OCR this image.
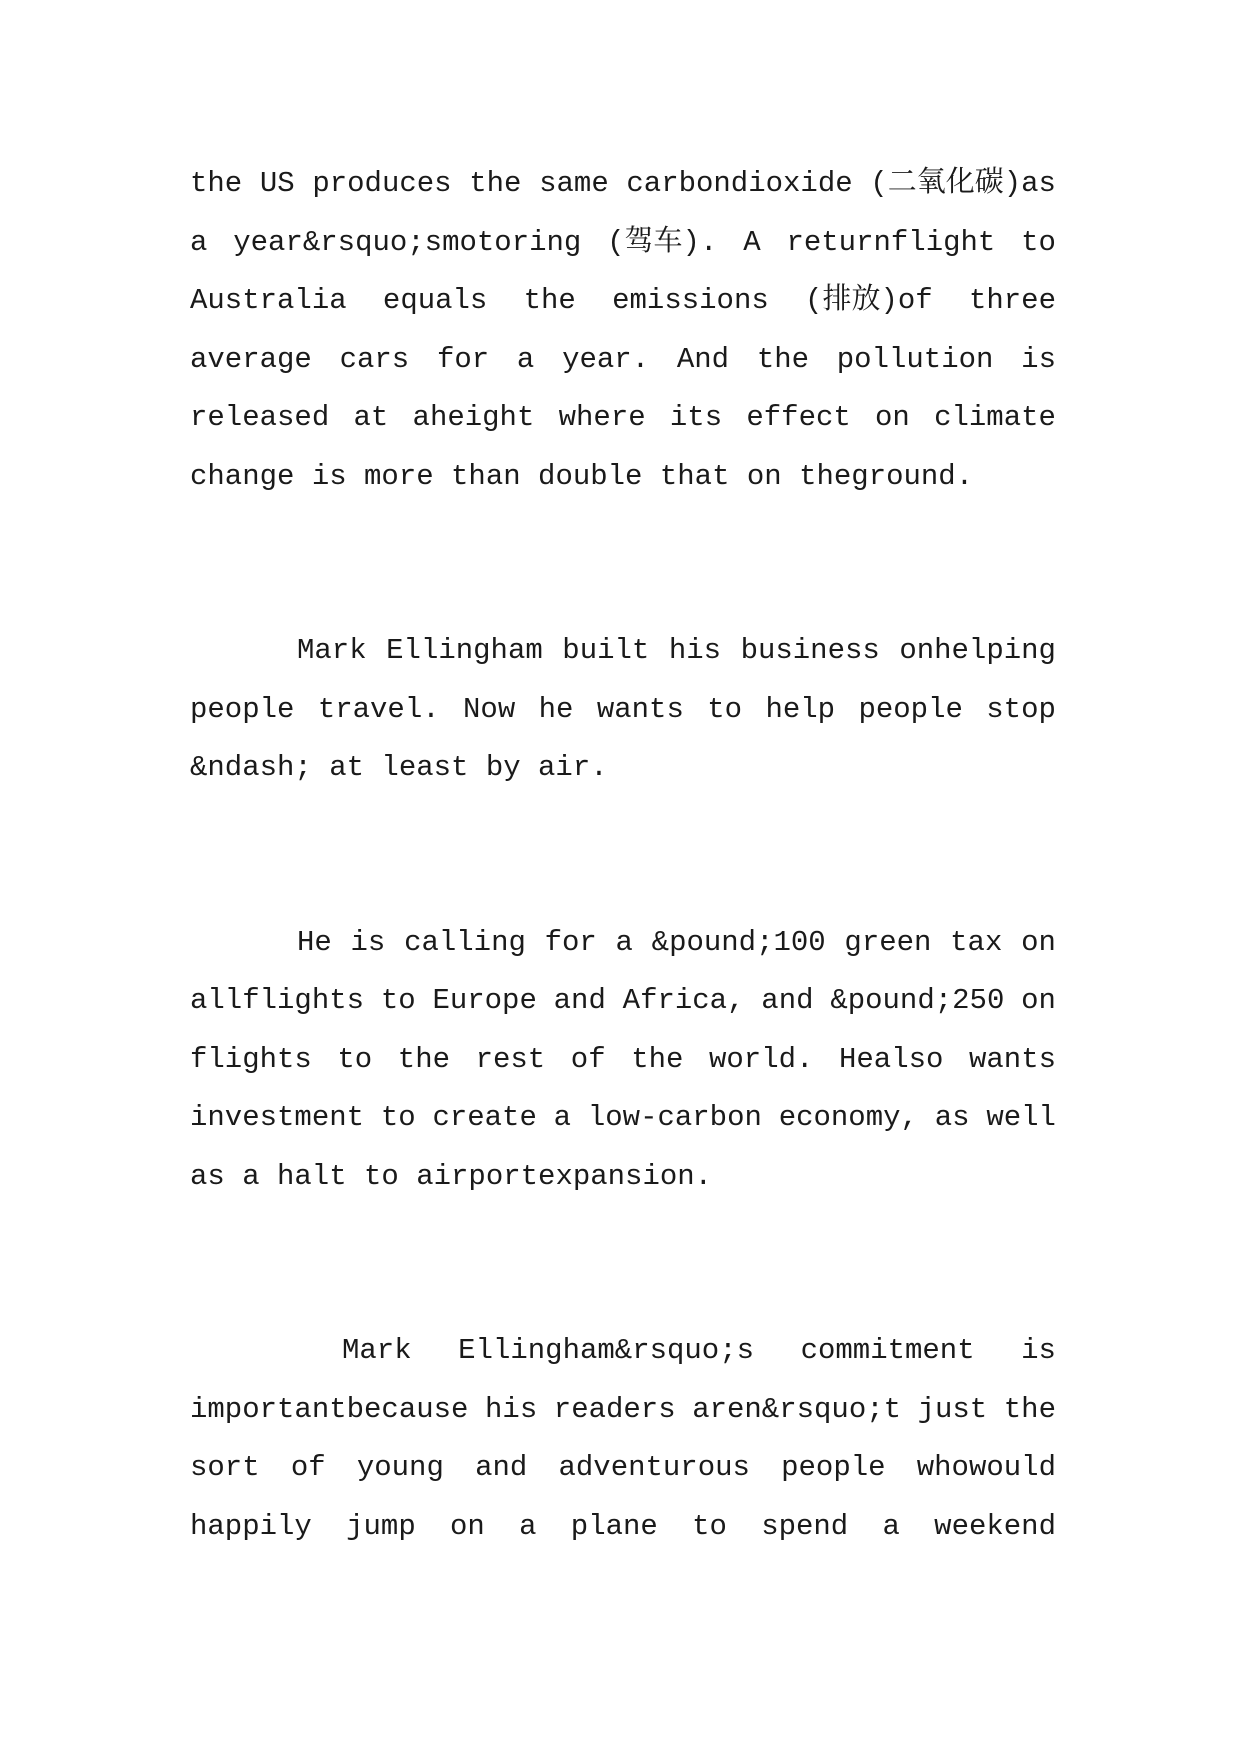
the US produces the same carbondioxide (二氧化碳)as
a year&rsquo;smotoring (驾车). A returnflight to
Australia equals the emissions (排放)of three
average cars for a year. And the pollution is
released at aheight where its effect on climate
change is more than double that on theground.
Mark Ellingham built his business onhelping
people travel. Now he wants to help people stop
&ndash; at least by air.
He is calling for a &pound;100 green tax on
allflights to Europe and Africa, and &pound;250 on
flights to the rest of the world. Healso wants
investment to create a low-carbon economy, as well
as a halt to airportexpansion.
Mark Ellingham&rsquo;s commitment is
importantbecause his readers aren&rsquo;t just the
sort of young and adventurous people whowould
happily jump on a plane to spend a weekend
